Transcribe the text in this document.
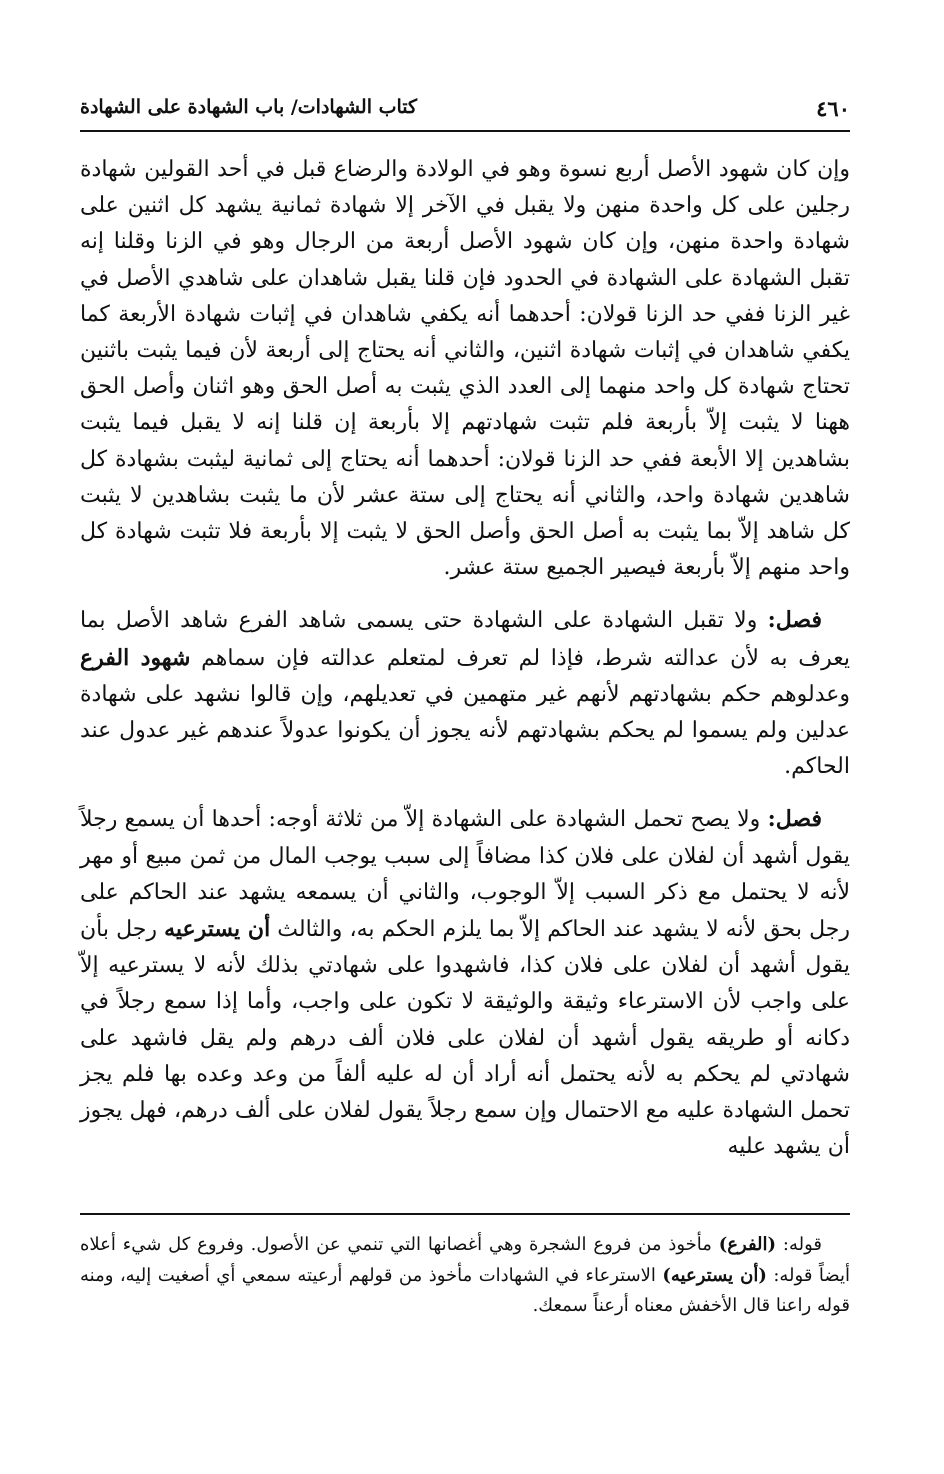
٤٦٠
كتاب الشهادات/ باب الشهادة على الشهادة

وإن كان شهود الأصل أربع نسوة وهو في الولادة والرضاع قبل في أحد القولين شهادة رجلين على كل واحدة منهن ولا يقبل في الآخر إلا شهادة ثمانية يشهد كل اثنين على شهادة واحدة منهن، وإن كان شهود الأصل أربعة من الرجال وهو في الزنا وقلنا إنه تقبل الشهادة على الشهادة في الحدود فإن قلنا يقبل شاهدان على شاهدي الأصل في غير الزنا ففي حد الزنا قولان: أحدهما أنه يكفي شاهدان في إثبات شهادة الأربعة كما يكفي شاهدان في إثبات شهادة اثنين، والثاني أنه يحتاج إلى أربعة لأن فيما يثبت باثنين تحتاج شهادة كل واحد منهما إلى العدد الذي يثبت به أصل الحق وهو اثنان وأصل الحق ههنا لا يثبت إلاّ بأربعة فلم تثبت شهادتهم إلا بأربعة إن قلنا إنه لا يقبل فيما يثبت بشاهدين إلا الأبعة ففي حد الزنا قولان: أحدهما أنه يحتاج إلى ثمانية ليثبت بشهادة كل شاهدين شهادة واحد، والثاني أنه يحتاج إلى ستة عشر لأن ما يثبت بشاهدين لا يثبت كل شاهد إلاّ بما يثبت به أصل الحق وأصل الحق لا يثبت إلا بأربعة فلا تثبت شهادة كل واحد منهم إلاّ بأربعة فيصير الجميع ستة عشر.

فصل: ولا تقبل الشهادة على الشهادة حتى يسمى شاهد الفرع شاهد الأصل بما يعرف به لأن عدالته شرط، فإذا لم تعرف لمتعلم عدالته فإن سماهم شهود الفرع وعدلوهم حكم بشهادتهم لأنهم غير متهمين في تعديلهم، وإن قالوا نشهد على شهادة عدلين ولم يسموا لم يحكم بشهادتهم لأنه يجوز أن يكونوا عدولاً عندهم غير عدول عند الحاكم.

فصل: ولا يصح تحمل الشهادة على الشهادة إلاّ من ثلاثة أوجه: أحدها أن يسمع رجلاً يقول أشهد أن لفلان على فلان كذا مضافاً إلى سبب يوجب المال من ثمن مبيع أو مهر لأنه لا يحتمل مع ذكر السبب إلاّ الوجوب، والثاني أن يسمعه يشهد عند الحاكم على رجل بحق لأنه لا يشهد عند الحاكم إلاّ بما يلزم الحكم به، والثالث أن يسترعيه رجل بأن يقول أشهد أن لفلان على فلان كذا، فاشهدوا على شهادتي بذلك لأنه لا يسترعيه إلاّ على واجب لأن الاسترعاء وثيقة والوثيقة لا تكون على واجب، وأما إذا سمع رجلاً في دكانه أو طريقه يقول أشهد أن لفلان على فلان ألف درهم ولم يقل فاشهد على شهادتي لم يحكم به لأنه يحتمل أنه أراد أن له عليه ألفاً من وعد وعده بها فلم يجز تحمل الشهادة عليه مع الاحتمال وإن سمع رجلاً يقول لفلان على ألف درهم، فهل يجوز أن يشهد عليه

قوله: (الفرع) مأخوذ من فروع الشجرة وهي أغصانها التي تنمي عن الأصول. وفروع كل شيء أعلاه أيضاً قوله: (أن يسترعيه) الاسترعاء في الشهادات مأخوذ من قولهم أرعيته سمعي أي أصغيت إليه، ومنه قوله راعنا قال الأخفش معناه أرعناً سمعك.
